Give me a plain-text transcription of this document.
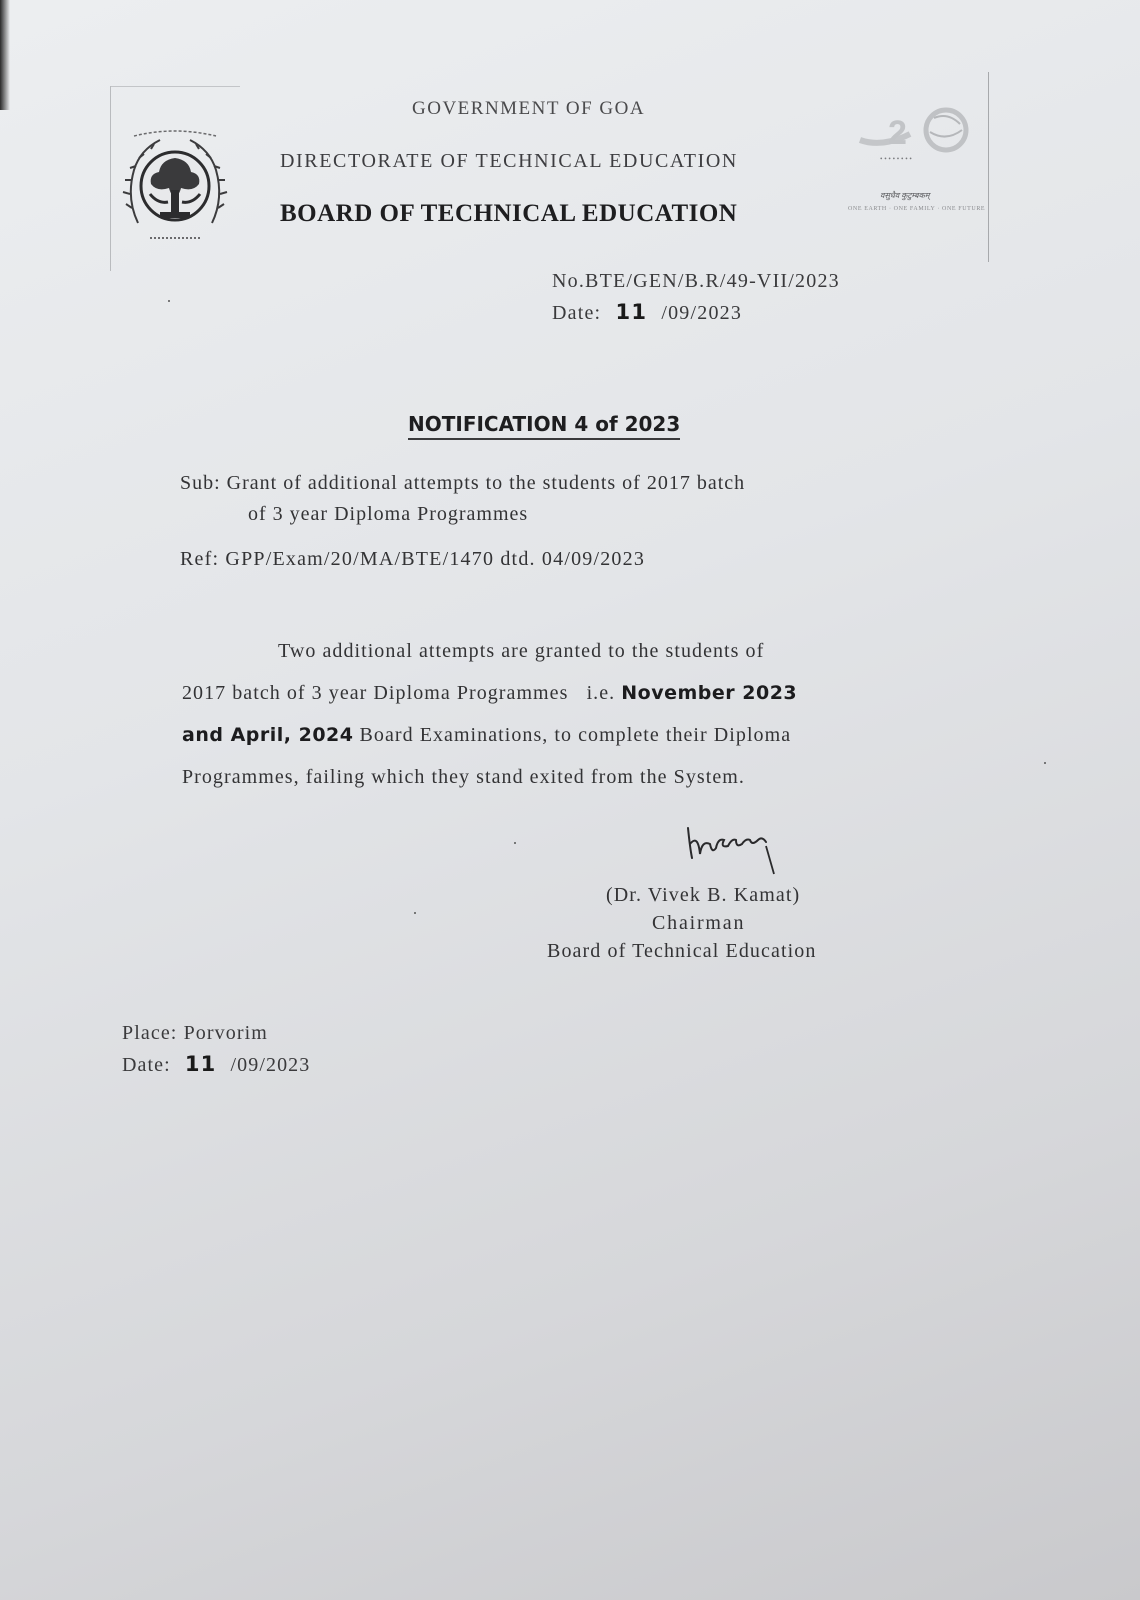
GOVERNMENT OF GOA
DIRECTORATE OF TECHNICAL EDUCATION
BOARD OF TECHNICAL EDUCATION
2
• • • • • • • •
वसुधैव कुटुम्बकम्
ONE EARTH · ONE FAMILY · ONE FUTURE
No.BTE/GEN/B.R/49-VII/2023
Date: 11 /09/2023
NOTIFICATION 4 of 2023
Sub: Grant of additional attempts to the students of 2017 batch
of 3 year Diploma Programmes
Ref: GPP/Exam/20/MA/BTE/1470 dtd. 04/09/2023
Two additional attempts are granted to the students of
2017 batch of 3 year Diploma Programmes   i.e. November 2023
and April, 2024 Board Examinations, to complete their Diploma
Programmes, failing which they stand exited from the System.
(Dr. Vivek B. Kamat)
Chairman
Board of Technical Education
Place: Porvorim
Date: 11 /09/2023
